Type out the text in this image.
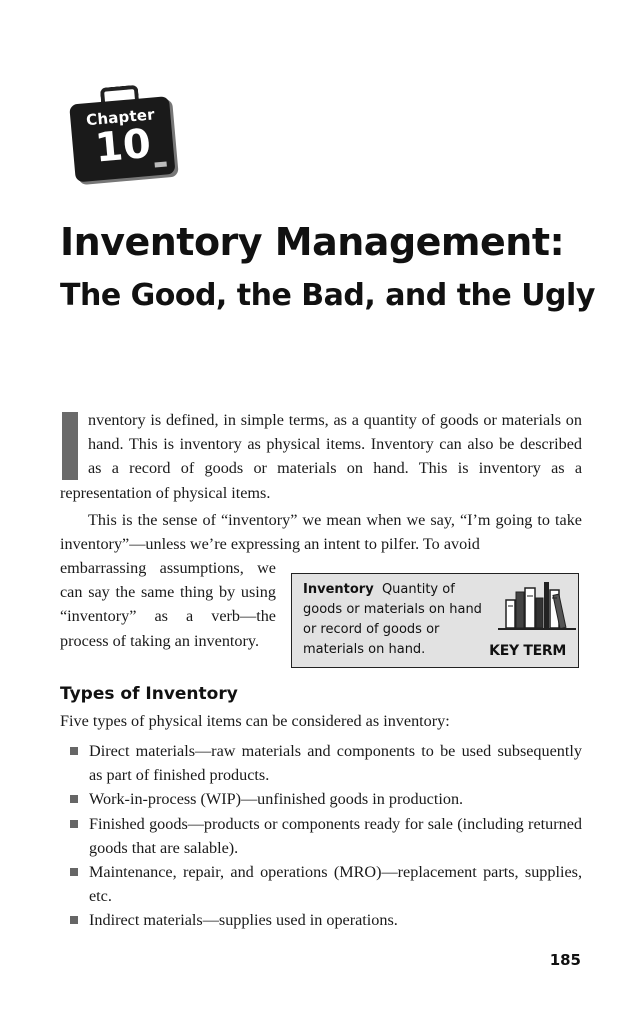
Chapter
10
Inventory Management:
The Good, the Bad, and the Ugly

nventory is defined, in simple terms, as a quantity of goods or materials on hand. This is inventory as physical items. Inventory can also be described as a record of goods or materials on hand. This is inventory as a representation of physical items.

This is the sense of “inventory” we mean when we say, “I’m going to take inventory”—unless we’re expressing an intent to pilfer. To avoid

embarrassing assumptions, we can say the same thing by using “inventory” as a verb—the process of taking an inventory.

Inventory Quantity of goods or materials on hand or record of goods or materials on hand.	KEY TERM
Types of Inventory

Five types of physical items can be considered as inventory:

Direct materials—raw materials and components to be used subsequently as part of finished products.
Work-in-process (WIP)—unfinished goods in production.
Finished goods—products or components ready for sale (including returned goods that are salable).
Maintenance, repair, and operations (MRO)—replacement parts, supplies, etc.
Indirect materials—supplies used in operations.
185
